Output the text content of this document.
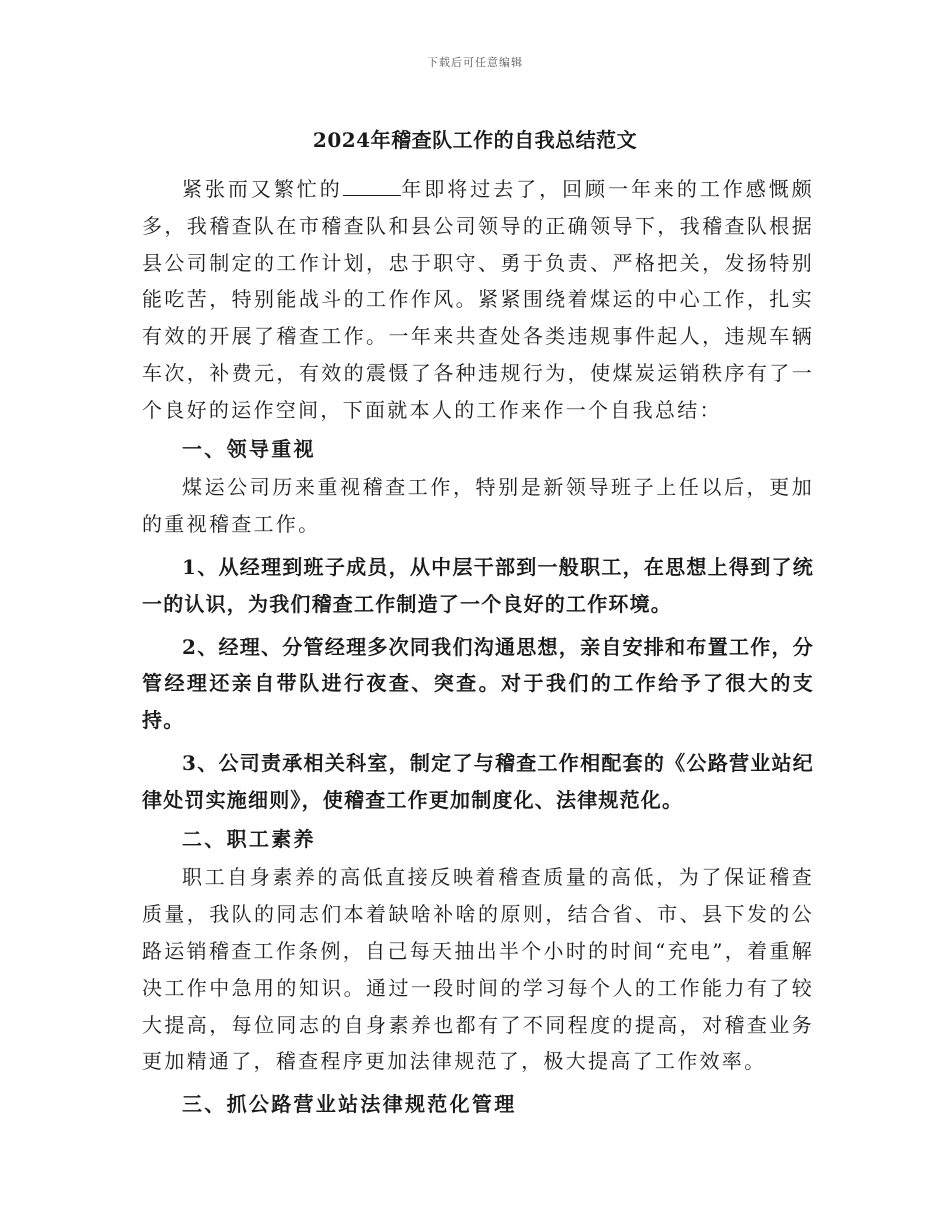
下载后可任意编辑
2024年稽查队工作的自我总结范文

紧张而又繁忙的	年即将过去了，回顾一年来的工作感慨颇多，我稽查队在市稽查队和县公司领导的正确领导下，我稽查队根据县公司制定的工作计划，忠于职守、勇于负责、严格把关，发扬特别能吃苦，特别能战斗的工作作风。紧紧围绕着煤运的中心工作，扎实有效的开展了稽查工作。一年来共查处各类违规事件起人，违规车辆车次，补费元，有效的震慑了各种违规行为，使煤炭运销秩序有了一个良好的运作空间，下面就本人的工作来作一个自我总结：

一、领导重视

煤运公司历来重视稽查工作，特别是新领导班子上任以后，更加的重视稽查工作。

1、从经理到班子成员，从中层干部到一般职工，在思想上得到了统一的认识，为我们稽查工作制造了一个良好的工作环境。

2、经理、分管经理多次同我们沟通思想，亲自安排和布置工作，分管经理还亲自带队进行夜查、突查。对于我们的工作给予了很大的支持。

3、公司责承相关科室，制定了与稽查工作相配套的《公路营业站纪律处罚实施细则》，使稽查工作更加制度化、法律规范化。

二、职工素养

职工自身素养的高低直接反映着稽查质量的高低，为了保证稽查质量，我队的同志们本着缺啥补啥的原则，结合省、市、县下发的公路运销稽查工作条例，自己每天抽出半个小时的时间“充电”，着重解决工作中急用的知识。通过一段时间的学习每个人的工作能力有了较大提高，每位同志的自身素养也都有了不同程度的提高，对稽查业务更加精通了，稽查程序更加法律规范了，极大提高了工作效率。

三、抓公路营业站法律规范化管理
